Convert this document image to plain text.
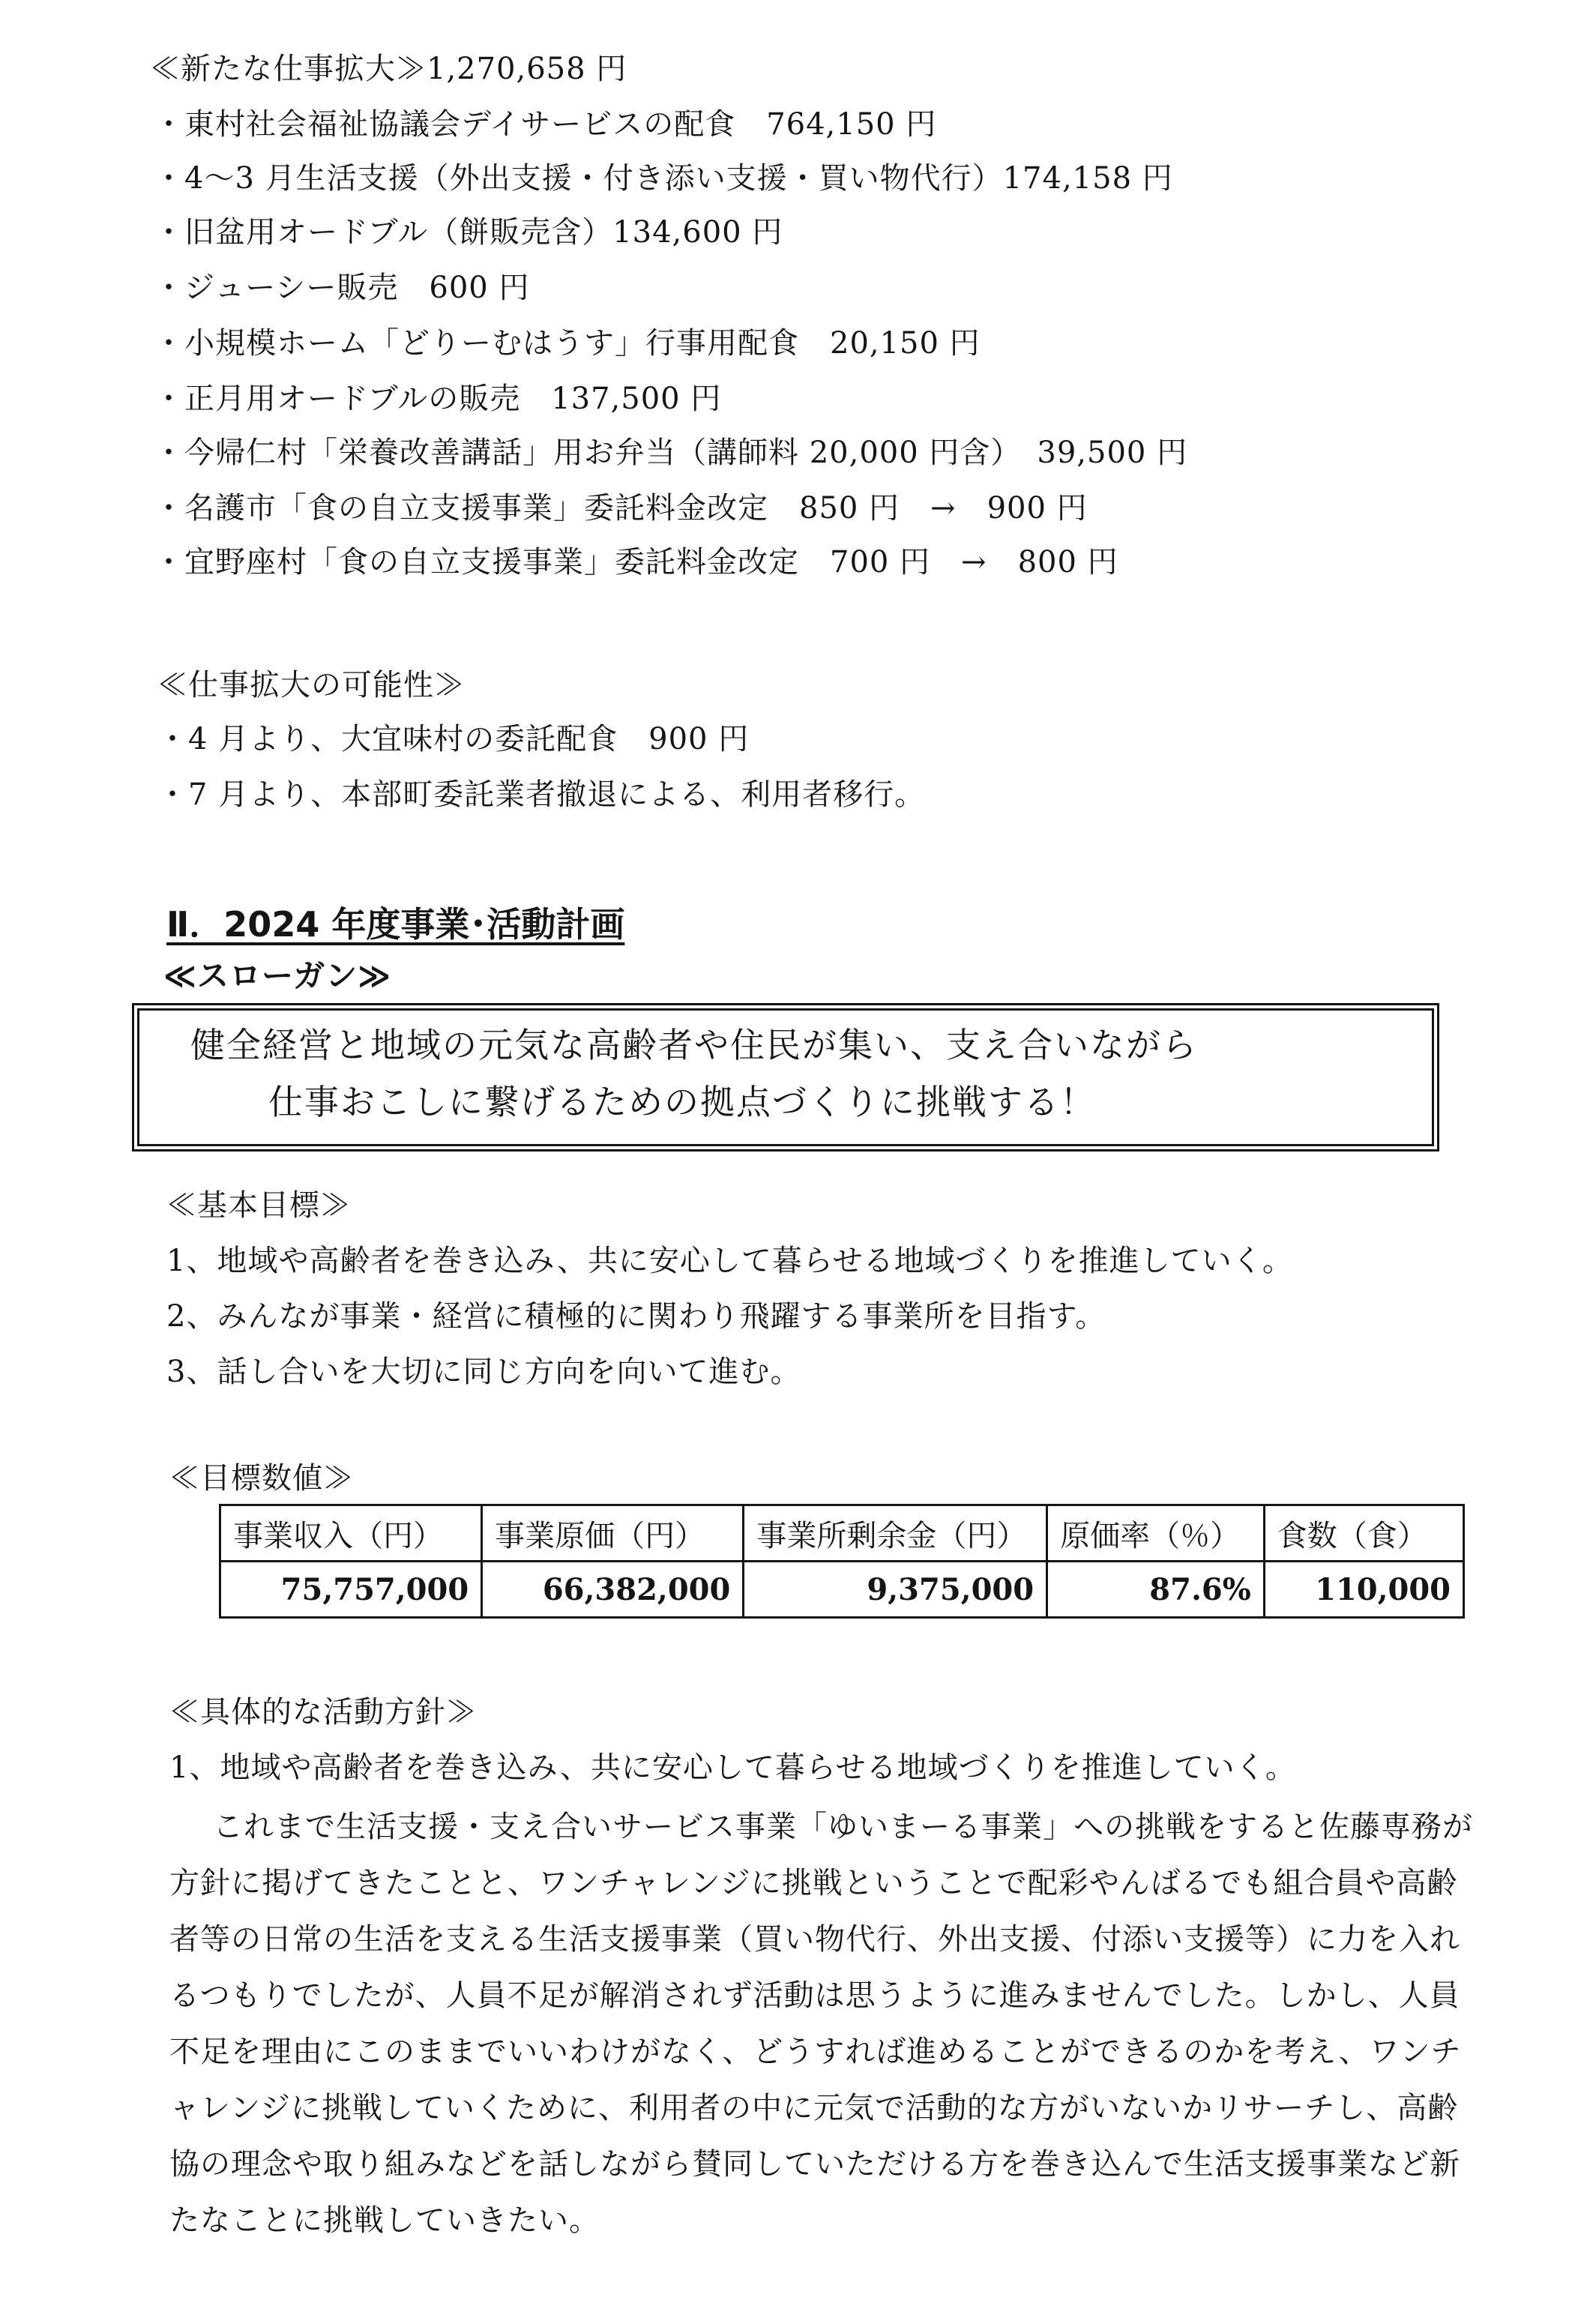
≪新たな仕事拡大≫1,270,658 円
・東村社会福祉協議会デイサービスの配食　764,150 円
・4〜3 月生活支援（外出支援・付き添い支援・買い物代行）174,158 円
・旧盆用オードブル（餅販売含）134,600 円
・ジューシー販売　600 円
・小規模ホーム「どりーむはうす」行事用配食　20,150 円
・正月用オードブルの販売　137,500 円
・今帰仁村「栄養改善講話」用お弁当（講師料 20,000 円含）　39,500 円
・名護市「食の自立支援事業」委託料金改定　850 円　→　900 円
・宜野座村「食の自立支援事業」委託料金改定　700 円　→　800 円
≪仕事拡大の可能性≫
・4 月より、大宜味村の委託配食　900 円
・7 月より、本部町委託業者撤退による、利用者移行。
Ⅱ．2024 年度事業･活動計画
≪スローガン≫
健全経営と地域の元気な高齢者や住民が集い、支え合いながら
仕事おこしに繋げるための拠点づくりに挑戦する！
≪基本目標≫
1、地域や高齢者を巻き込み、共に安心して暮らせる地域づくりを推進していく。
2、みんなが事業・経営に積極的に関わり飛躍する事業所を目指す。
3、話し合いを大切に同じ方向を向いて進む。
≪目標数値≫
事業収入（円）	事業原価（円）	事業所剰余金（円）	原価率（％）	食数（食）
75,757,000	66,382,000	9,375,000	87.6%	110,000
≪具体的な活動方針≫
1、地域や高齢者を巻き込み、共に安心して暮らせる地域づくりを推進していく。

これまで生活支援・支え合いサービス事業「ゆいまーる事業」への挑戦をすると佐藤専務が方針に掲げてきたことと、ワンチャレンジに挑戦ということで配彩やんばるでも組合員や高齢者等の日常の生活を支える生活支援事業（買い物代行、外出支援、付添い支援等）に力を入れるつもりでしたが、人員不足が解消されず活動は思うように進みませんでした。しかし、人員不足を理由にこのままでいいわけがなく、どうすれば進めることができるのかを考え、ワンチャレンジに挑戦していくために、利用者の中に元気で活動的な方がいないかリサーチし、高齢協の理念や取り組みなどを話しながら賛同していただける方を巻き込んで生活支援事業など新たなことに挑戦していきたい。
